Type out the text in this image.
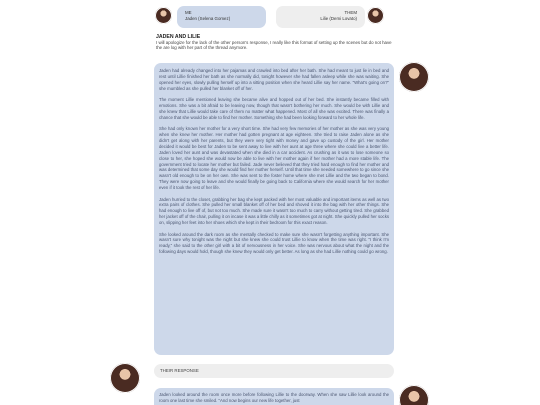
ME
Jaden (Selena Gomez)
THEM
Lilie (Demi Lovato)
JADEN AND LILIE
I will apologize for the lack of the other person's response, I really like this format of setting up the scenes but do not have the are log with her part of the thread anymore.

Jaden had already changed into her pajamas and crawled into bed after her bath. She had meant to just lie in bed and rest until Lillie finished her bath as she normally did, tonight however she had fallen asleep while she was waiting. She opened her eyes, slowly pulling herself up into a sitting position when she heard Lillie say her name. "What's going on?" she mumbled as she pulled her blanket off of her.

The moment Lillie mentioned leaving she became alive and hopped out of her bed. She instantly became filled with emotions. She was a bit afraid to be leaving now, though that wasn't bothering her much. She would be with Lillie and she knew that Lillie would take care of them no matter what happened. Most of all she was excited. There was finally a chance that she would be able to find her mother. Something she had been looking forward to her whole life.

She had only known her mother for a very short time. She had very few memories of her mother as she was very young when she knew her mother. Her mother had gotten pregnant at age eighteen. She tried to raise Jaden alone as she didn't get along with her parents, but they were very tight with money and gave up custody of the girl. Her mother decided it would be best for Jaden to be sent away to live with her aunt at age three where she could live a better life. Jaden loved her aunt and was devastated when she died in a car accident. As crushing as it was to lose someone so close to her, she hoped she would now be able to live with her mother again if her mother had a more stable life. The government tried to locate her mother but failed. Jade never believed that they tried hard enough to find her mother and was determined that some day she would find her mother herself. Until that time she needed somewhere to go since she wasn't old enough to be on her own. She was sent to the foster home where she met Lillie and the two began to bond. They were now going to leave and she would finally be going back to California where she would search for her mother even if it took the rest of her life.

Jaden hurried to the closet, grabbing her bag she kept packed with her most valuable and important items as well as two extra pairs of clothes. She pulled her small blanket off of her bed and shoved it into the bag with her other things. She had enough to live off of, but not too much. She made sure it wasn't too much to carry without getting tired. She grabbed her jacket off of the chair, pulling it on incase it was a little chilly as it sometimes got at night. She quickly pulled her socks on, slipping her feet into her shoes which she kept in their bedroom for this exact reason.

She looked around the dark room as she mentally checked to make sure she wasn't forgetting anything important. She wasn't sure why tonight was the night but she knew she could trust Lillie to know when the time was right. "I think I'm ready," she said to the other girl with a bit of nervousness in her voice. She was nervous about what the night and the following days would hold, though she knew they would only get better. As long as she had Lillie nothing could go wrong.

THEIR RESPONSE

Jaden looked around the room once more before following Lillie to the doorway. When she saw Lillie look around the room one last time she smiled. "And now begins our new life together, just
